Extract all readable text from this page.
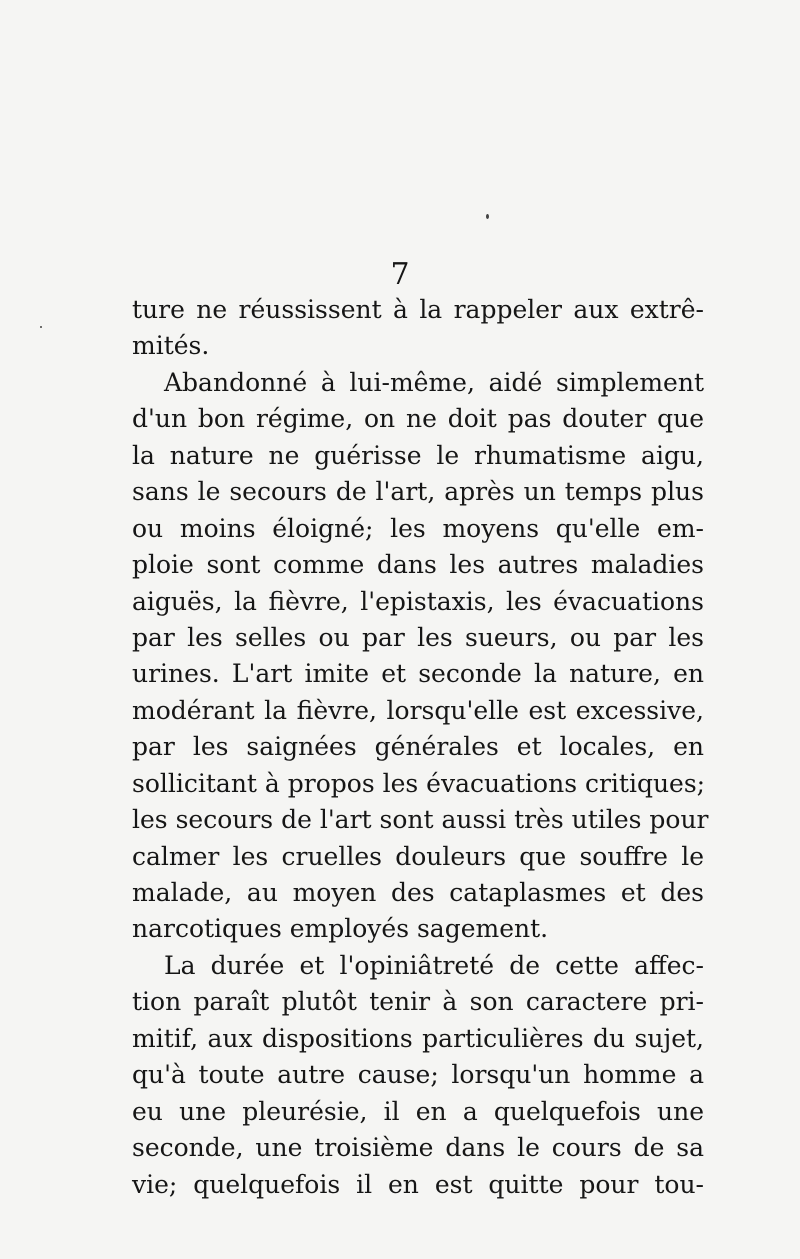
7
ture ne réussissent à la rappeler aux extrê-
mités.
Abandonné à lui-même, aidé simplement
d'un bon régime, on ne doit pas douter que
la nature ne guérisse le rhumatisme aigu,
sans le secours de l'art, après un temps plus
ou moins éloigné; les moyens qu'elle em-
ploie sont comme dans les autres maladies
aiguës, la fièvre, l'epistaxis, les évacuations
par les selles ou par les sueurs, ou par les
urines. L'art imite et seconde la nature, en
modérant la fièvre, lorsqu'elle est excessive,
par les saignées générales et locales, en
sollicitant à propos les évacuations critiques;
les secours de l'art sont aussi très utiles pour
calmer les cruelles douleurs que souffre le
malade, au moyen des cataplasmes et des
narcotiques employés sagement.
La durée et l'opiniâtreté de cette affec-
tion paraît plutôt tenir à son caractere pri-
mitif, aux dispositions particulières du sujet,
qu'à toute autre cause; lorsqu'un homme a
eu une pleurésie, il en a quelquefois une
seconde, une troisième dans le cours de sa
vie; quelquefois il en est quitte pour tou-
